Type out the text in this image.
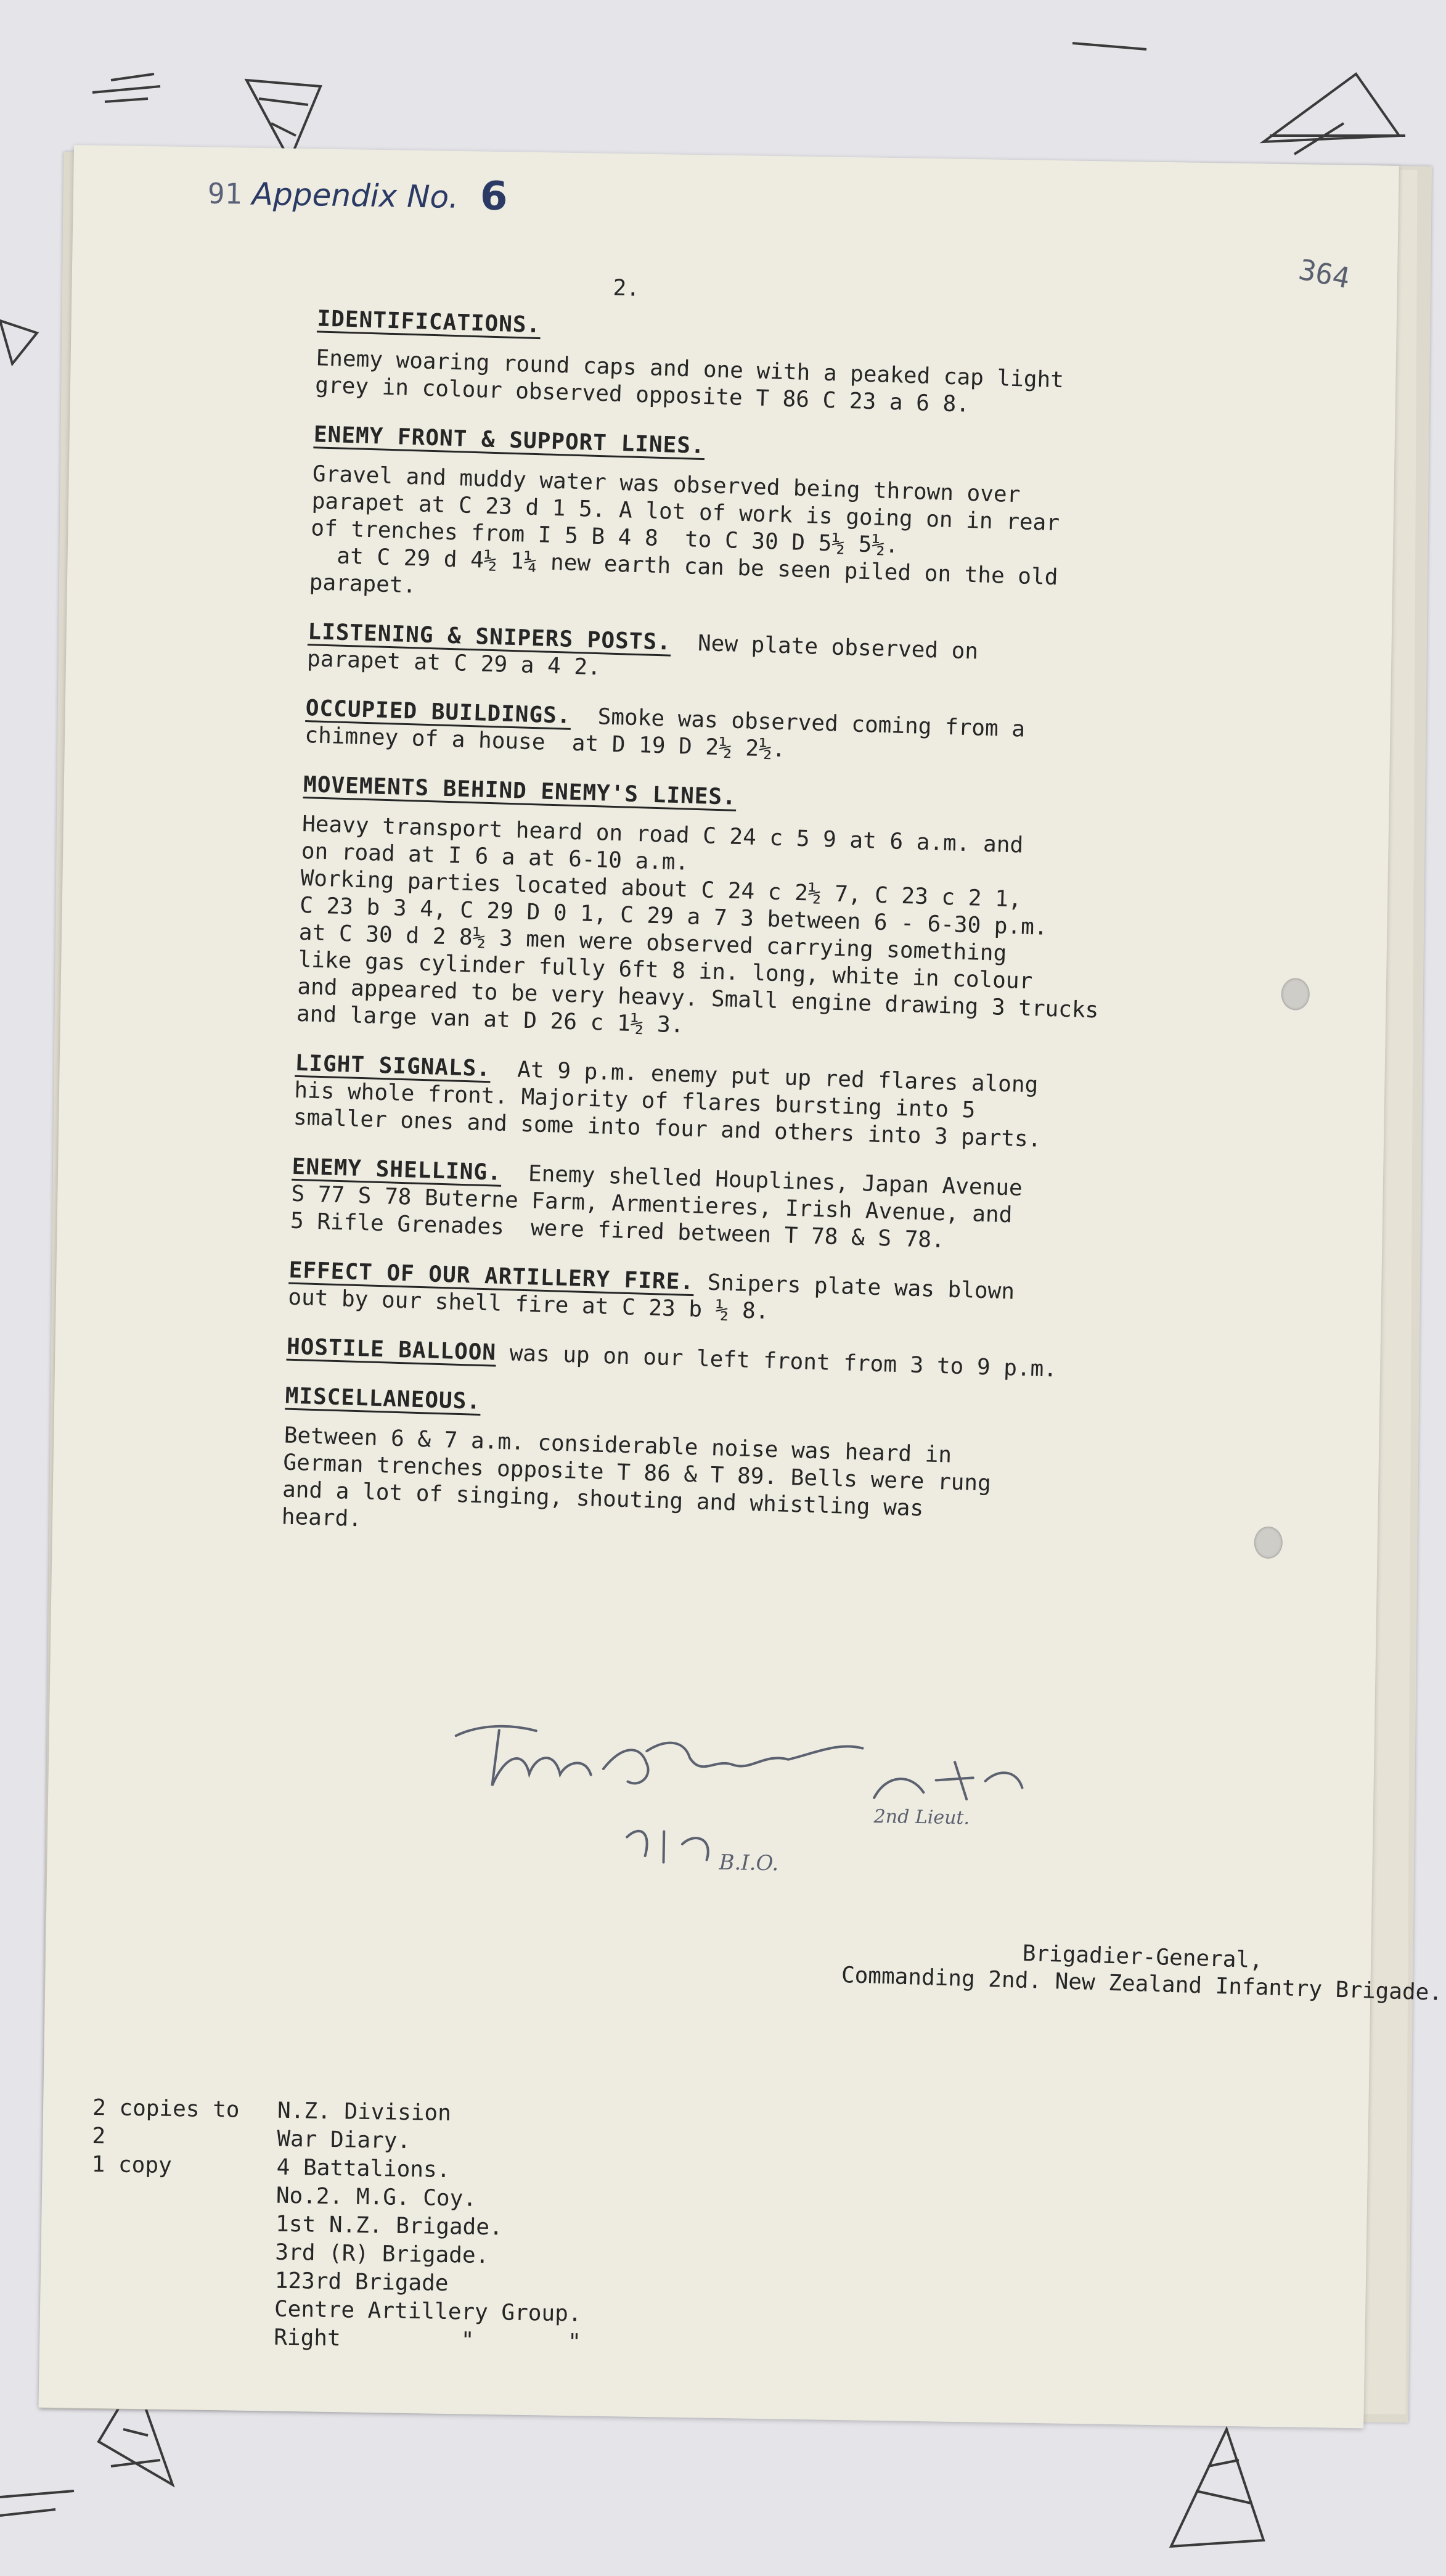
91 Appendix No. 6
364
2.

IDENTIFICATIONS.

Enemy woaring round caps and one with a peaked cap light
grey in colour observed opposite T 86 C 23 a 6 8.

ENEMY FRONT & SUPPORT LINES.

Gravel and muddy water was observed being thrown over
parapet at C 23 d 1 5. A lot of work is going on in rear
of trenches from I 5 B 4 8  to C 30 D 5½ 5½.
at C 29 d 4½ 1¼ new earth can be seen piled on the old
parapet.

LISTENING & SNIPERS POSTS.  New plate observed on
parapet at C 29 a 4 2.

OCCUPIED BUILDINGS.  Smoke was observed coming from a
chimney of a house  at D 19 D 2½ 2½.

MOVEMENTS BEHIND ENEMY'S LINES.

Heavy transport heard on road C 24 c 5 9 at 6 a.m. and
on road at I 6 a at 6-10 a.m.
Working parties located about C 24 c 2½ 7, C 23 c 2 1,
C 23 b 3 4, C 29 D 0 1, C 29 a 7 3 between 6 - 6-30 p.m.
at C 30 d 2 8½ 3 men were observed carrying something
like gas cylinder fully 6ft 8 in. long, white in colour
and appeared to be very heavy. Small engine drawing 3 trucks
and large van at D 26 c 1½ 3.

LIGHT SIGNALS.  At 9 p.m. enemy put up red flares along
his whole front. Majority of flares bursting into 5
smaller ones and some into four and others into 3 parts.

ENEMY SHELLING.  Enemy shelled Houplines, Japan Avenue
S 77 S 78 Buterne Farm, Armentieres, Irish Avenue, and
5 Rifle Grenades  were fired between T 78 & S 78.

EFFECT OF OUR ARTILLERY FIRE. Snipers plate was blown
out by our shell fire at C 23 b ½ 8.

HOSTILE BALLOON was up on our left front from 3 to 9 p.m.

MISCELLANEOUS.

Between 6 & 7 a.m. considerable noise was heard in
German trenches opposite T 86 & T 89. Bells were rung
and a lot of singing, shouting and whistling was
heard.

2nd Lieut.
B.I.O.
Brigadier-General,
Commanding 2nd. New Zealand Infantry Brigade.
2 copies to	N.Z. Division
2	War Diary.
1 copy	4 Battalions.
No.2. M.G. Coy.
1st N.Z. Brigade.
3rd (R) Brigade.
123rd Brigade
Centre Artillery Group.
Right         "       "
